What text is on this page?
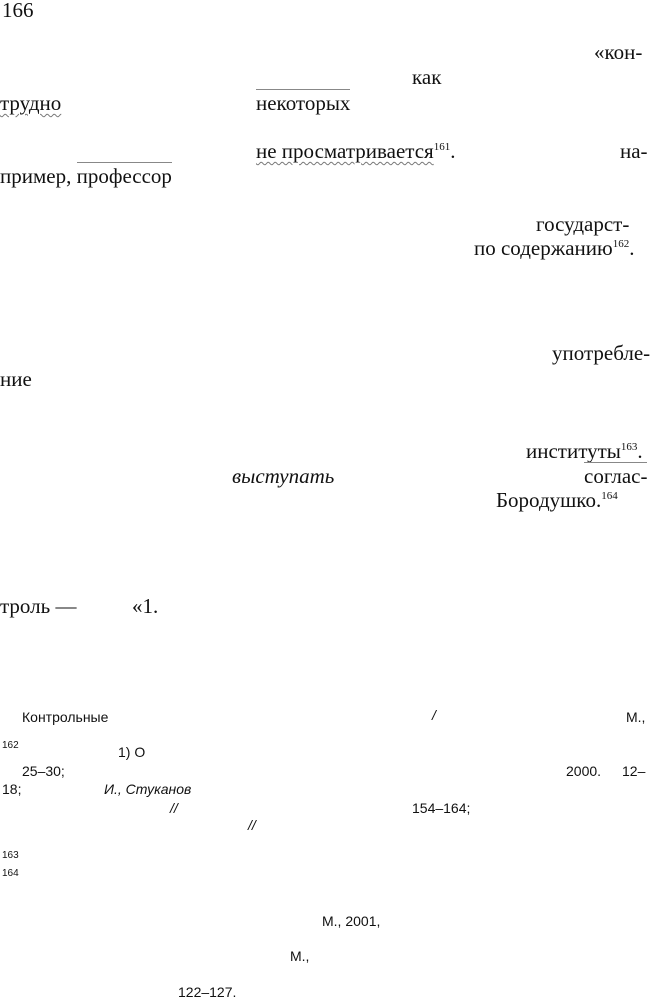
166
«кон-
как
трудно	некоторых
не просматривается$^{161}$.	на-
пример, профессор
государст-
по содержанию$^{162}$.
употребле-
ние
институты$^{163}$.
выступать	соглас-
Бородушко.$^{164}$
троль —	«1.
Контрольные	/	М.,
162	1) О
25–30;	2000. 12–
18;	И., Стуканов
//	154–164;
//
163
164
М., 2001,
М.,
122–127.
